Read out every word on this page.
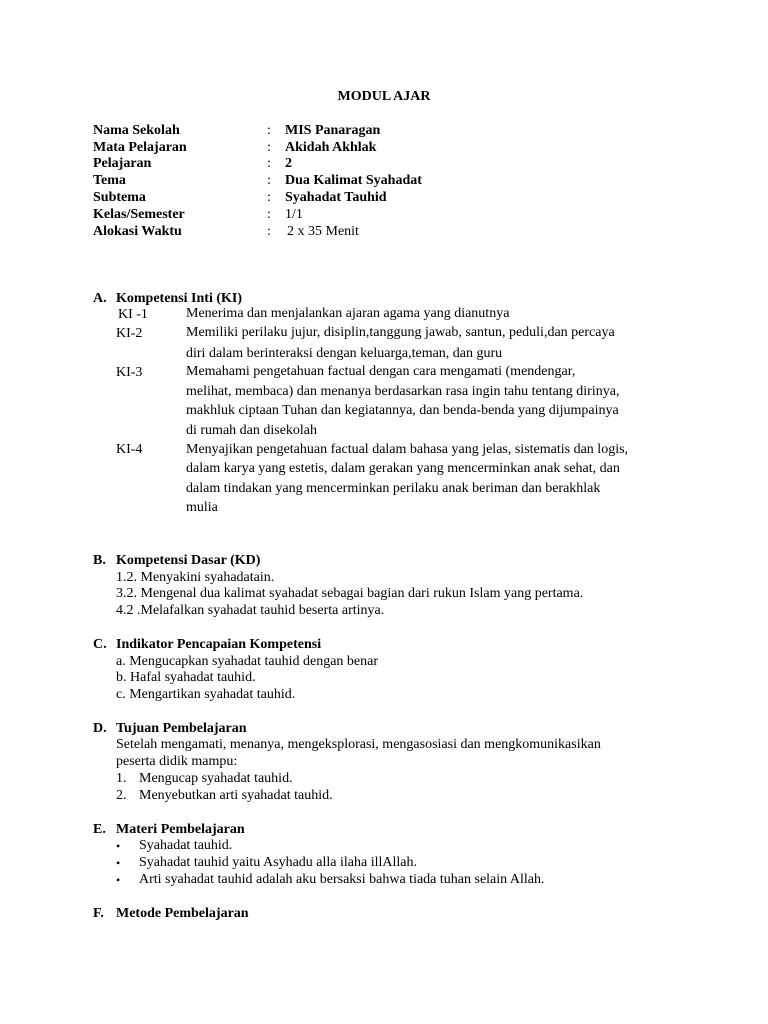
MODUL AJAR
Nama Sekolah	: MIS Panaragan
Mata Pelajaran	: Akidah Akhlak
Pelajaran	: 2
Tema	: Dua Kalimat Syahadat
Subtema	: Syahadat Tauhid
Kelas/Semester	: 1/1
Alokasi Waktu	: 2 x 35 Menit
A. Kompetensi Inti (KI)
KI -1	Menerima dan menjalankan ajaran agama yang dianutnya
KI-2	Memiliki perilaku jujur, disiplin,tanggung jawab, santun, peduli,dan percaya
diri dalam berinteraksi dengan keluarga,teman, dan guru
KI-3	Memahami pengetahuan factual dengan cara mengamati (mendengar,
melihat, membaca) dan menanya berdasarkan rasa ingin tahu tentang dirinya,
makhluk ciptaan Tuhan dan kegiatannya, dan benda-benda yang dijumpainya
di rumah dan disekolah
KI-4	Menyajikan pengetahuan factual dalam bahasa yang jelas, sistematis dan logis,
dalam karya yang estetis, dalam gerakan yang mencerminkan anak sehat, dan
dalam tindakan yang mencerminkan perilaku anak beriman dan berakhlak
mulia
B. Kompetensi Dasar (KD)
1.2. Menyakini syahadatain.
3.2. Mengenal dua kalimat syahadat sebagai bagian dari rukun Islam yang pertama.
4.2 .Melafalkan syahadat tauhid beserta artinya.
C. Indikator Pencapaian Kompetensi
a. Mengucapkan syahadat tauhid dengan benar
b. Hafal syahadat tauhid.
c. Mengartikan syahadat tauhid.
D. Tujuan Pembelajaran
Setelah mengamati, menanya, mengeksplorasi, mengasosiasi dan mengkomunikasikan
peserta didik mampu:
1. Mengucap syahadat tauhid.
2. Menyebutkan arti syahadat tauhid.
E. Materi Pembelajaran
• Syahadat tauhid.
• Syahadat tauhid yaitu Asyhadu alla ilaha illAllah.
• Arti syahadat tauhid adalah aku bersaksi bahwa tiada tuhan selain Allah.
F. Metode Pembelajaran
